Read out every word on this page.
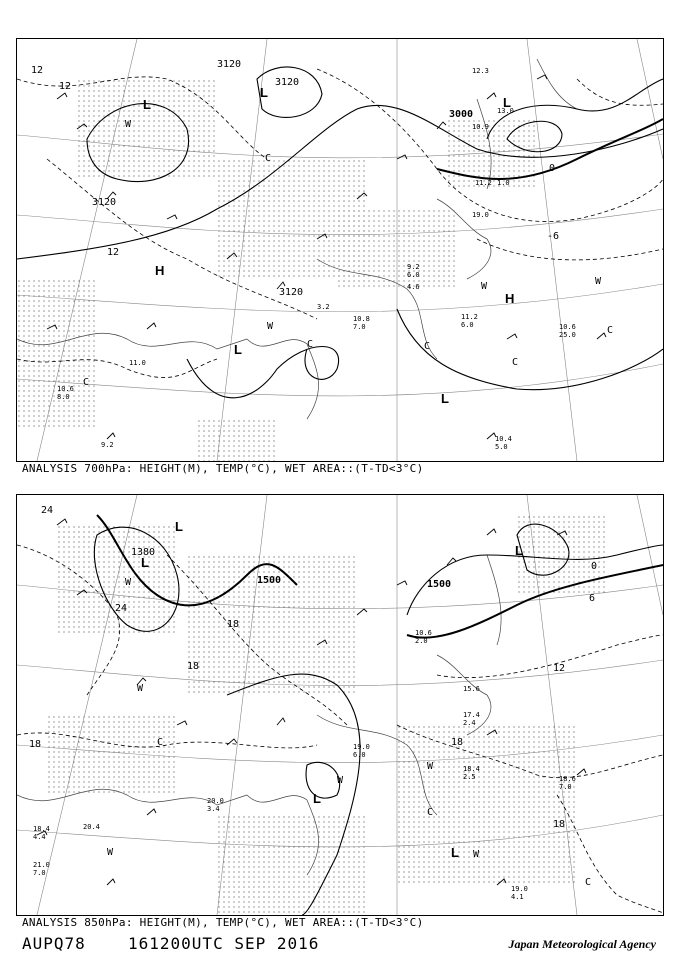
3120
3120
3120
3000
3120
12
12
12
0
-6
L
L
L
L
L
H
H
W
W
W	W
C
C
C
C
C
C
10.6
25.0
11.2
6.0
10.4
5.0
12.3
13.0
10.9
19.0
11.2 1.0
10.8
7.0
3.2
9.2
6.0
4.6
11.0
10.6
8.0
9.2
ANALYSIS 700hPa: HEIGHT(M), TEMP(°C), WET AREA::(T-TD<3°C)
1380
1500	1500
24
24
18
18
18	18
18
12
0
6
L
L
L
L
L
W
W
W
W
W
W
C
C
C
19.0
4.1
18.6
7.0
18.4
2.5
17.4
2.4
15.6
10.6
2.0
19.0
6.0
20.0
3.4
20.4
18.4
4.4
21.0
7.0
ANALYSIS 850hPa: HEIGHT(M), TEMP(°C), WET AREA::(T-TD<3°C)
AUPQ78	161200UTC SEP 2016	Japan Meteorological Agency
